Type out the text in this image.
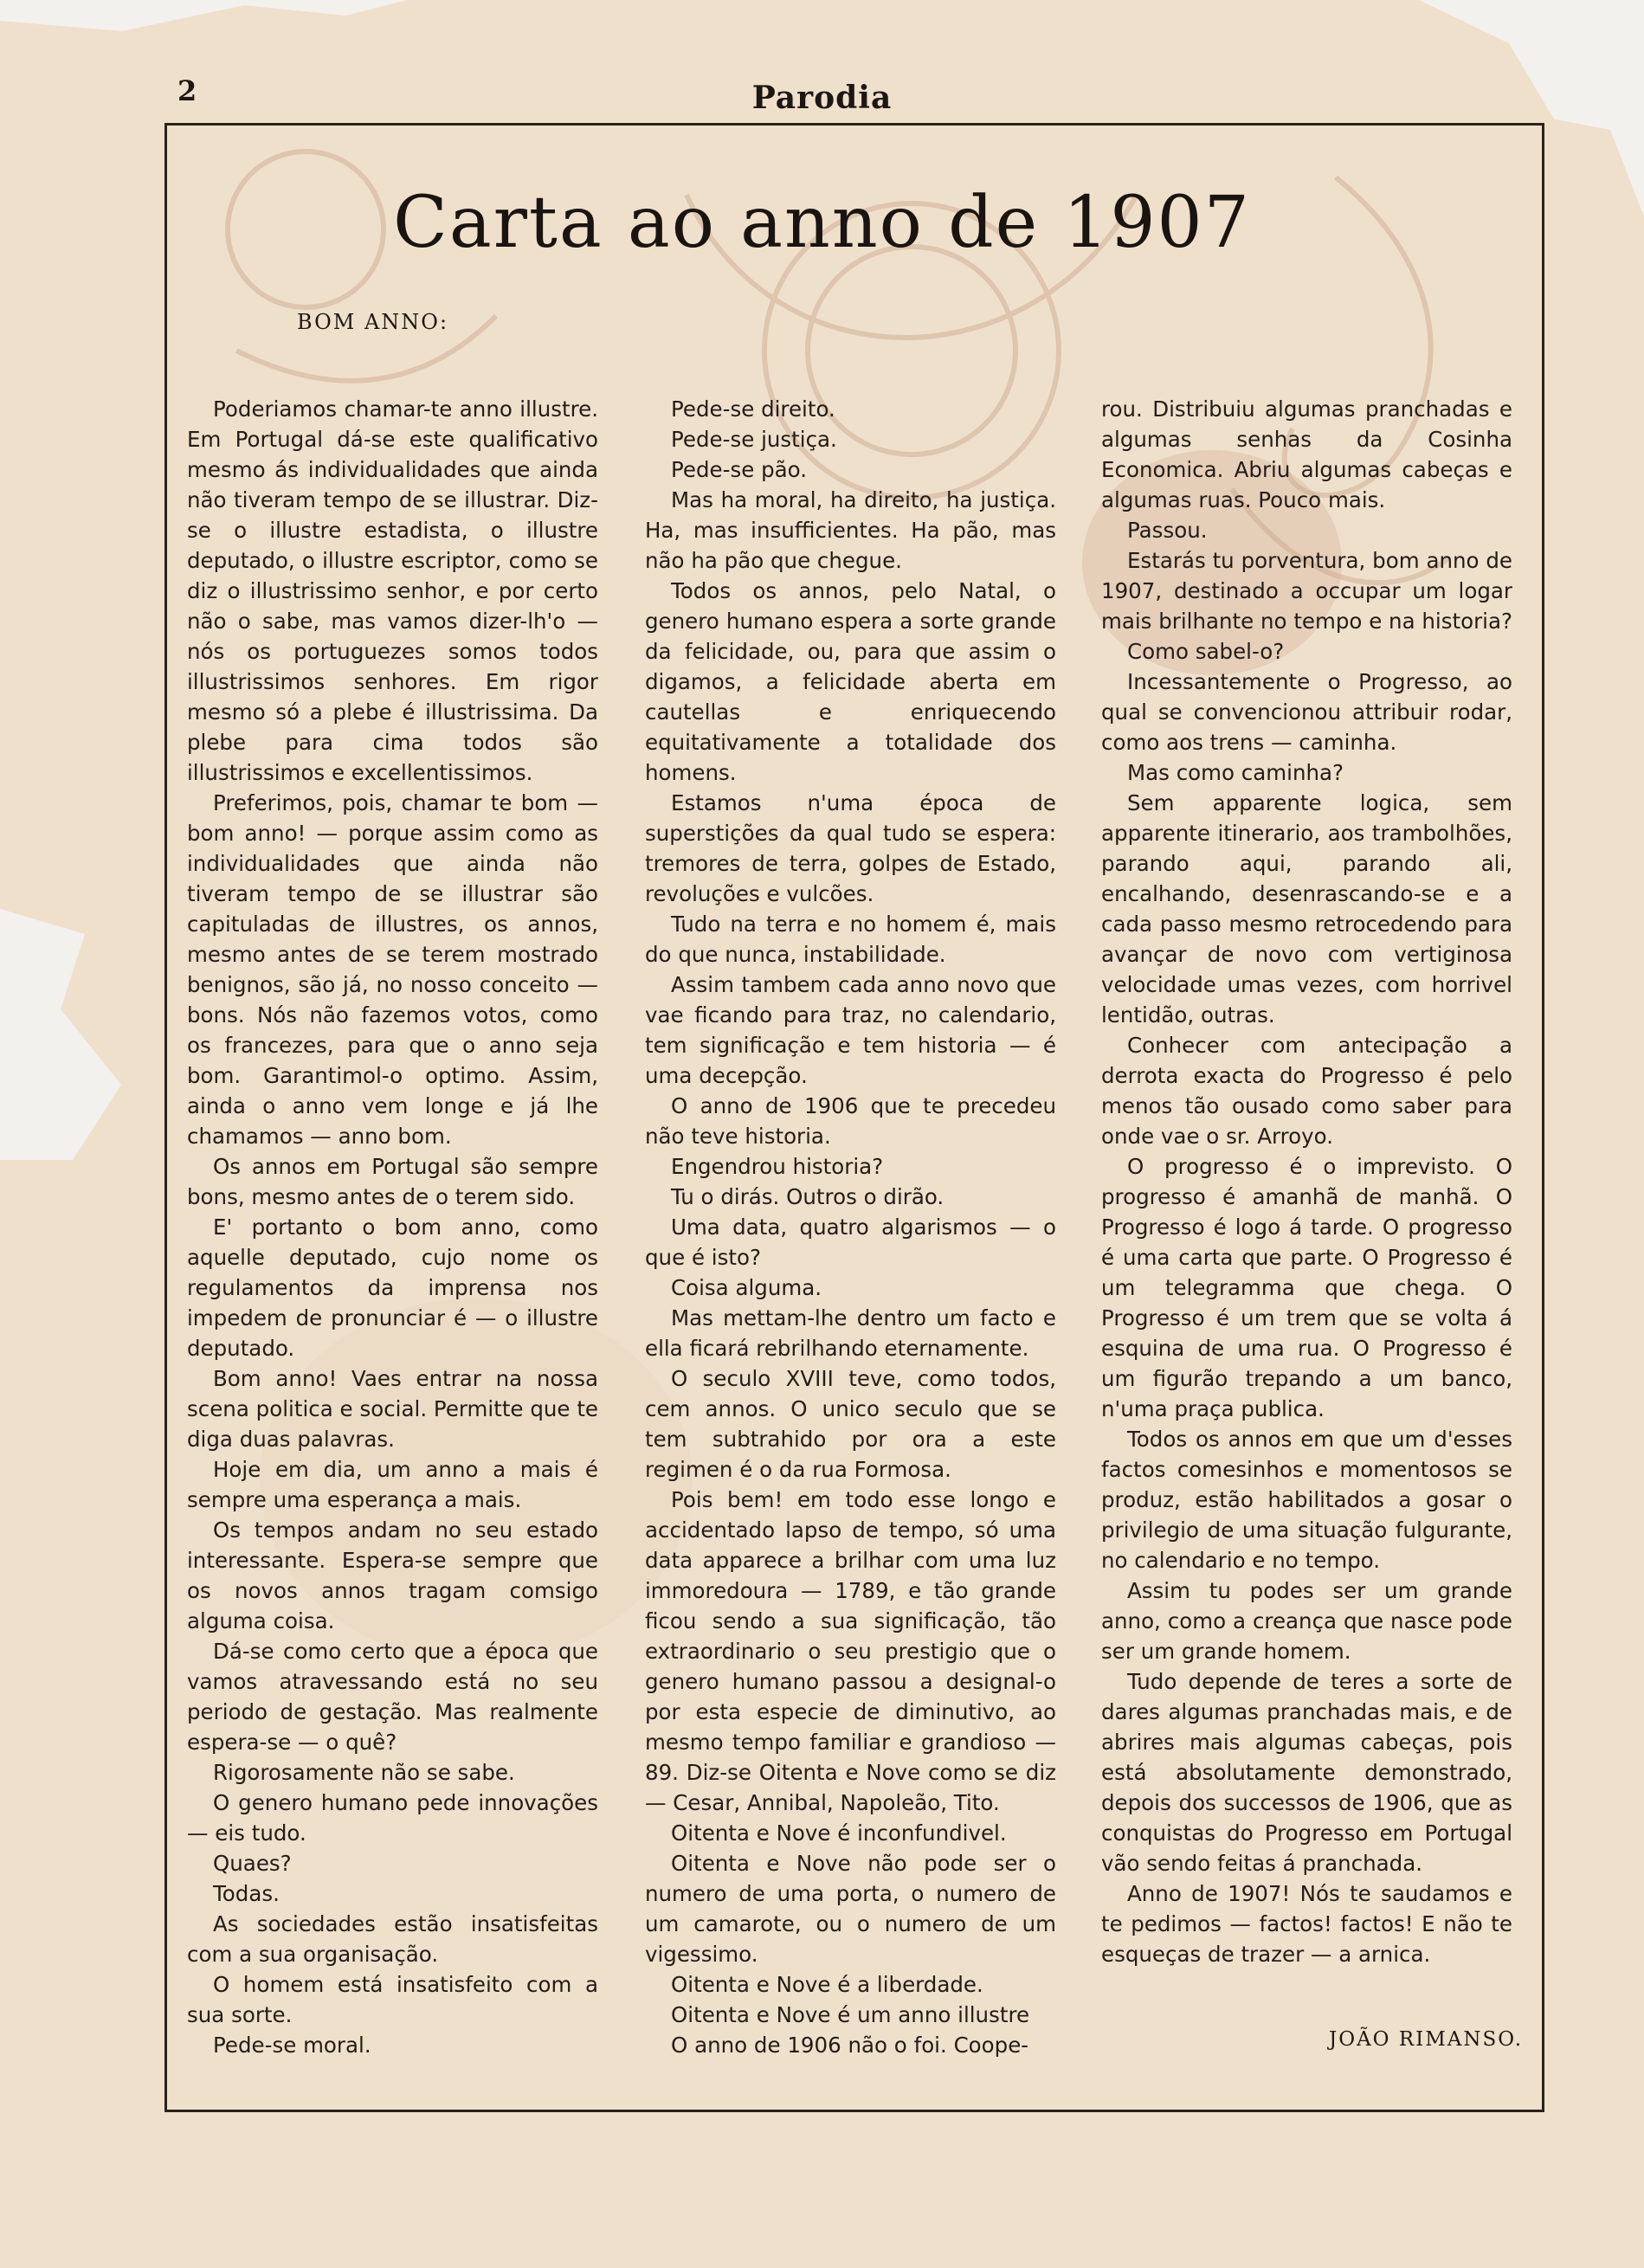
2	Parodia
Carta ao anno de 1907
BOM ANNO:

Poderiamos chamar-te anno illustre. Em Portugal dá-se este qualificativo mesmo ás individualidades que ainda não tiveram tempo de se illustrar. Diz-se o illustre estadista, o illustre deputado, o illustre escriptor, como se diz o illustrissimo senhor, e por certo não o sabe, mas vamos dizer-lh'o — nós os portuguezes somos todos illustrissimos senhores. Em rigor mesmo só a plebe é illustrissima. Da plebe para cima todos são illustrissimos e excellentissimos.

Preferimos, pois, chamar te bom — bom anno! — porque assim como as individualidades que ainda não tiveram tempo de se illustrar são capituladas de illustres, os annos, mesmo antes de se terem mostrado benignos, são já, no nosso conceito — bons. Nós não fazemos votos, como os francezes, para que o anno seja bom. Garantimol-o optimo. Assim, ainda o anno vem longe e já lhe chamamos — anno bom.

Os annos em Portugal são sempre bons, mesmo antes de o terem sido.

E' portanto o bom anno, como aquelle deputado, cujo nome os regulamentos da imprensa nos impedem de pronunciar é — o illustre deputado.

Bom anno! Vaes entrar na nossa scena politica e social. Permitte que te diga duas palavras.

Hoje em dia, um anno a mais é sempre uma esperança a mais.

Os tempos andam no seu estado interessante. Espera-se sempre que os novos annos tragam comsigo alguma coisa.

Dá-se como certo que a época que vamos atravessando está no seu periodo de gestação. Mas realmente espera-se — o quê?

Rigorosamente não se sabe.

O genero humano pede innovações — eis tudo.

Quaes?

Todas.

As sociedades estão insatisfeitas com a sua organisação.

O homem está insatisfeito com a sua sorte.

Pede-se moral.

Pede-se direito.

Pede-se justiça.

Pede-se pão.

Mas ha moral, ha direito, ha justiça. Ha, mas insufficientes. Ha pão, mas não ha pão que chegue.

Todos os annos, pelo Natal, o genero humano espera a sorte grande da felicidade, ou, para que assim o digamos, a felicidade aberta em cautellas e enriquecendo equitativamente a totalidade dos homens.

Estamos n'uma época de superstições da qual tudo se espera: tremores de terra, golpes de Estado, revoluções e vulcões.

Tudo na terra e no homem é, mais do que nunca, instabilidade.

Assim tambem cada anno novo que vae ficando para traz, no calendario, tem significação e tem historia — é uma decepção.

O anno de 1906 que te precedeu não teve historia.

Engendrou historia?

Tu o dirás. Outros o dirão.

Uma data, quatro algarismos — o que é isto?

Coisa alguma.

Mas mettam-lhe dentro um facto e ella ficará rebrilhando eternamente.

O seculo XVIII teve, como todos, cem annos. O unico seculo que se tem subtrahido por ora a este regimen é o da rua Formosa.

Pois bem! em todo esse longo e accidentado lapso de tempo, só uma data apparece a brilhar com uma luz immoredoura — 1789, e tão grande ficou sendo a sua significação, tão extraordinario o seu prestigio que o genero humano passou a designal-o por esta especie de diminutivo, ao mesmo tempo familiar e grandioso — 89. Diz-se Oitenta e Nove como se diz — Cesar, Annibal, Napoleão, Tito.

Oitenta e Nove é inconfundivel.

Oitenta e Nove não pode ser o numero de uma porta, o numero de um camarote, ou o numero de um vigessimo.

Oitenta e Nove é a liberdade.

Oitenta e Nove é um anno illustre

O anno de 1906 não o foi. Coope-

rou. Distribuiu algumas pranchadas e algumas senhas da Cosinha Economica. Abriu algumas cabeças e algumas ruas. Pouco mais.

Passou.

Estarás tu porventura, bom anno de 1907, destinado a occupar um logar mais brilhante no tempo e na historia?

Como sabel-o?

Incessantemente o Progresso, ao qual se convencionou attribuir rodar, como aos trens — caminha.

Mas como caminha?

Sem apparente logica, sem apparente itinerario, aos trambolhões, parando aqui, parando ali, encalhando, desenrascando-se e a cada passo mesmo retrocedendo para avançar de novo com vertiginosa velocidade umas vezes, com horrivel lentidão, outras.

Conhecer com antecipação a derrota exacta do Progresso é pelo menos tão ousado como saber para onde vae o sr. Arroyo.

O progresso é o imprevisto. O progresso é amanhã de manhã. O Progresso é logo á tarde. O progresso é uma carta que parte. O Progresso é um telegramma que chega. O Progresso é um trem que se volta á esquina de uma rua. O Progresso é um figurão trepando a um banco, n'uma praça publica.

Todos os annos em que um d'esses factos comesinhos e momentosos se produz, estão habilitados a gosar o privilegio de uma situação fulgurante, no calendario e no tempo.

Assim tu podes ser um grande anno, como a creança que nasce pode ser um grande homem.

Tudo depende de teres a sorte de dares algumas pranchadas mais, e de abrires mais algumas cabeças, pois está absolutamente demonstrado, depois dos successos de 1906, que as conquistas do Progresso em Portugal vão sendo feitas á pranchada.

Anno de 1907! Nós te saudamos e te pedimos — factos! factos! E não te esqueças de trazer — a arnica.

JOÃO RIMANSO.
